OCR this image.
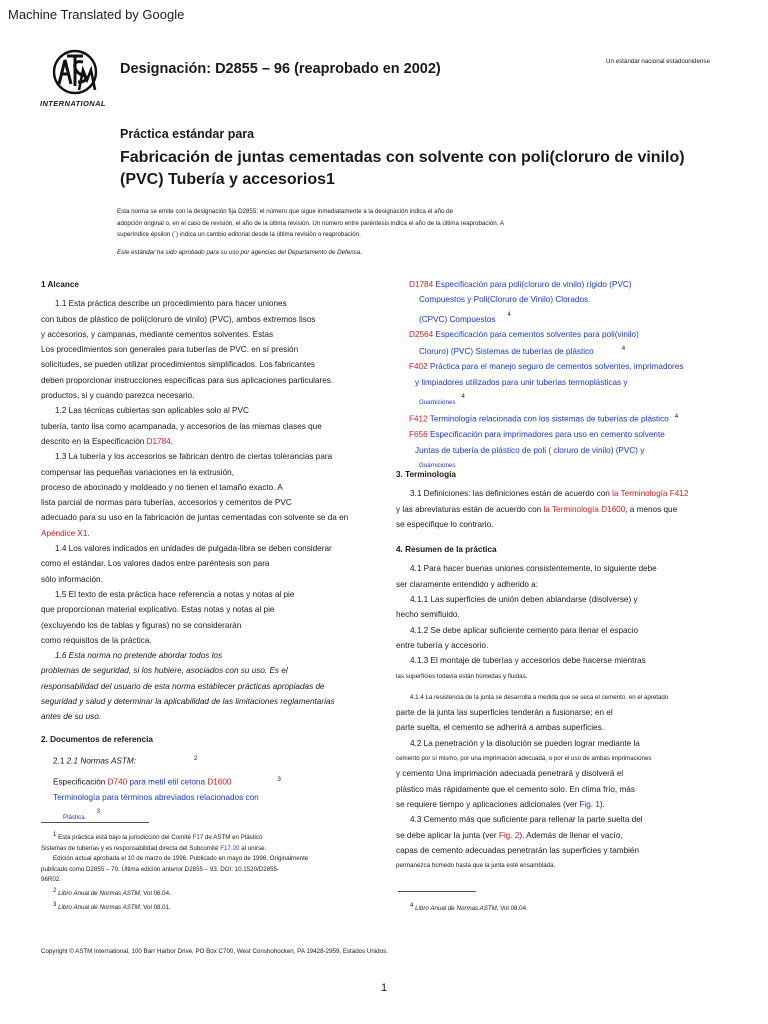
Machine Translated by Google
INTERNATIONAL
Designación: D2855 – 96 (reaprobado en 2002)	Un estándar nacional estadounidense
Práctica estándar para
Fabricación de juntas cementadas con solvente con poli(cloruro de vinilo)
(PVC) Tubería y accesorios1
Esta norma se emite con la designación fija D2855; el número que sigue inmediatamente a la designación indica el año de
adopción original o, en el caso de revisión, el año de la última revisión. Un número entre paréntesis indica el año de la última reaprobación. A
superíndice épsilon (´) indica un cambio editorial desde la última revisión o reaprobación.
Este estándar ha sido aprobado para su uso por agencias del Departamento de Defensa.
1 Alcance
1.1 Esta práctica describe un procedimiento para hacer uniones
con tubos de plástico de poli(cloruro de vinilo) (PVC), ambos extremos lisos
y accesorios, y campanas, mediante cementos solventes. Estas
Los procedimientos son generales para tuberías de PVC. en sí presión
solicitudes, se pueden utilizar procedimientos simplificados. Los fabricantes
deben proporcionar instrucciones específicas para sus aplicaciones particulares.
productos, si y cuando parezca necesario.
1.2 Las técnicas cubiertas son aplicables solo al PVC
tubería, tanto lisa como acampanada, y accesorios de las mismas clases que
descrito en la Especificación D1784.
1.3 La tubería y los accesorios se fabrican dentro de ciertas tolerancias para
compensar las pequeñas variaciones en la extrusión,
proceso de abocinado y moldeado y no tienen el tamaño exacto. A
lista parcial de normas para tuberías, accesorios y cementos de PVC
adecuado para su uso en la fabricación de juntas cementadas con solvente se da en
Apéndice X1.
1.4 Los valores indicados en unidades de pulgada-libra se deben considerar
como el estándar. Los valores dados entre paréntesis son para
sólo información.
1.5 El texto de esta práctica hace referencia a notas y notas al pie
que proporcionan material explicativo. Estas notas y notas al pie
(excluyendo los de tablas y figuras) no se considerarán
como requisitos de la práctica.
1.6 Esta norma no pretende abordar todos los
problemas de seguridad, si los hubiere, asociados con su uso. Es el
responsabilidad del usuario de esta norma establecer prácticas apropiadas de
seguridad y salud y determinar la aplicabilidad de las limitaciones reglamentarias
antes de su uso.
2. Documentos de referencia
2.1 2.1 Normas ASTM:	$^2$
Especificación D740 para metil etil cetona D1600	$^3$
Terminología para términos abreviados relacionados con
Plástica$^3$
$^1$ Esta práctica está bajo la jurisdicción del Comité F17 de ASTM en Plástico
Sistemas de tuberías y es responsabilidad directa del Subcomité F17.20 al unirse.
Edición actual aprobada el 10 de marzo de 1996. Publicado en mayo de 1996. Originalmente
publicado como D2855 – 70. Última edición anterior D2855 – 93. DOI: 10.1520/D2855-
96R02.
$^2$ Libro Anual de Normas ASTM, Vol 06.04.
$^3$ Libro Anual de Normas ASTM, Vol 08.01.
D1784 Especificación para poli(cloruro de vinilo) rígido (PVC)
Compuestos y Poli(Cloruro de Vinilo) Clorados
(CPVC) Compuestos $^4$
D2564 Especificación para cementos solventes para poli(vinilo)
Cloruro) (PVC) Sistemas de tuberías de plástico	$^4$
F402 Práctica para el manejo seguro de cementos solventes, imprimadores
y limpiadores utilizados para unir tuberías termoplásticas y
Guarniciones$^4$
F412 Terminología relacionada con los sistemas de tuberías de plástico $^4$
F656 Especificación para imprimadores para uso en cemento solvente
Juntas de tubería de plástico de poli ( cloruro de vinilo) (PVC) y
Guarniciones
3. Terminología
3.1 Definiciones: las definiciones están de acuerdo con la Terminología F412
y las abreviaturas están de acuerdo con la Terminología D1600, a menos que
se especifique lo contrario.
4. Resumen de la práctica
4.1 Para hacer buenas uniones consistentemente, lo siguiente debe
ser claramente entendido y adherido a:
4.1.1 Las superficies de unión deben ablandarse (disolverse) y
hecho semifluido.
4.1.2 Se debe aplicar suficiente cemento para llenar el espacio
entre tubería y accesorio.
4.1.3 El montaje de tuberías y accesorios debe hacerse mientras
las superficies todavía están húmedas y fluidas.
4.1.4 La resistencia de la junta se desarrolla a medida que se seca el cemento. en el apretado
parte de la junta las superficies tenderán a fusionarse; en el
parte suelta, el cemento se adherirá a ambas superficies.
4.2 La penetración y la disolución se pueden lograr mediante la
cemento por sí mismo, por una imprimación adecuada, o por el uso de ambas imprimaciones
y cemento Una imprimación adecuada penetrará y disolverá el
plástico más rápidamente que el cemento solo. En clima frío, más
se requiere tiempo y aplicaciones adicionales (ver Fig. 1).
4.3 Cemento más que suficiente para rellenar la parte suelta del
se debe aplicar la junta (ver Fig. 2). Además de llenar el vacío,
capas de cemento adecuadas penetrarán las superficies y también
permanezca húmedo hasta que la junta esté ensamblada.
$^4$ Libro Anual de Normas ASTM, Vol 08.04.
Copyright © ASTM International, 100 Barr Harbor Drive, PO Box C700, West Conshohocken, PA 19428-2959, Estados Unidos.
1
